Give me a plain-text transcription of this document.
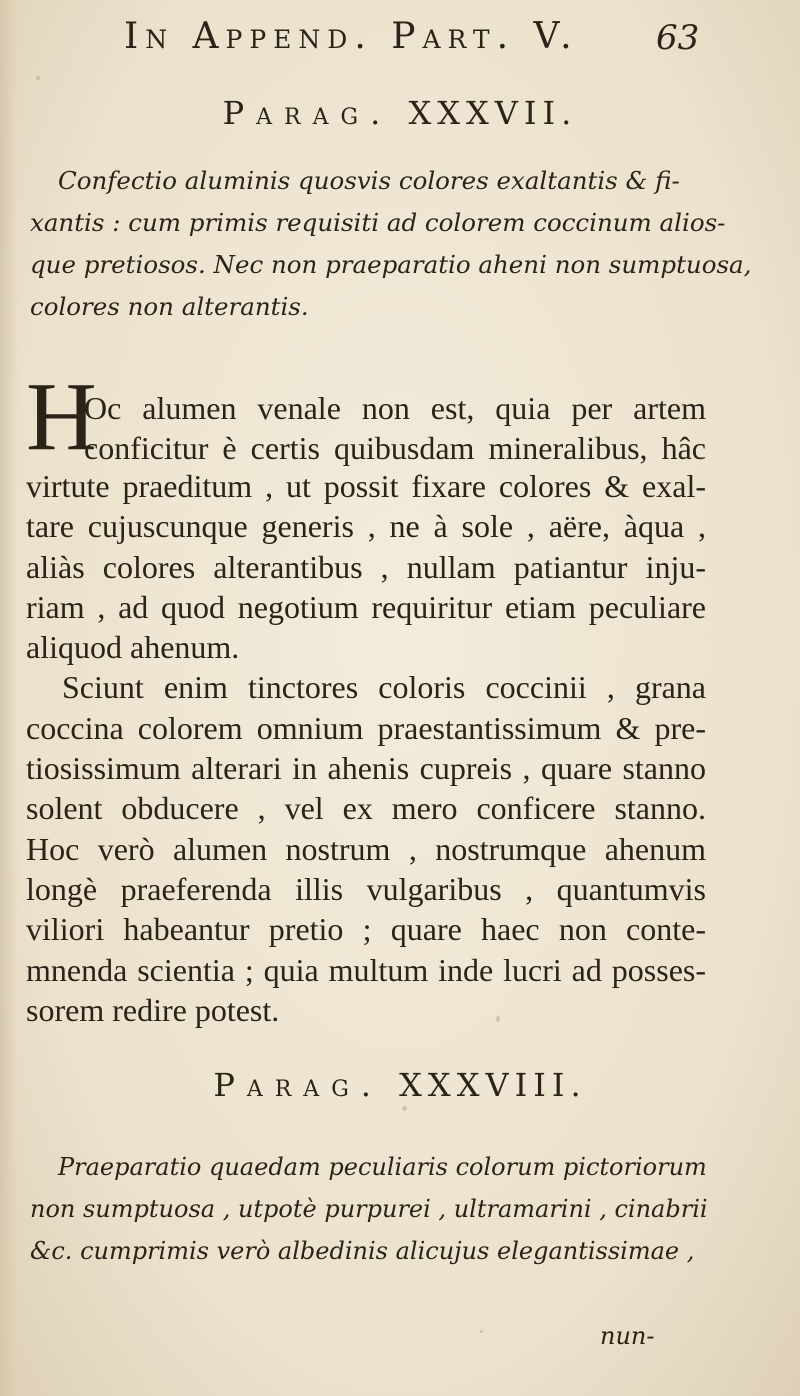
In Append. Part. V. 63
Parag. XXXVII.
Confectio aluminis quosvis colores exaltantis & fi-
xantis : cum primis requisiti ad colorem coccinum alios-
que pretiosos. Nec non praeparatio aheni non sumptuosa,
colores non alterantis.
H
Oc alumen venale non est, quia per artem
conficitur è certis quibusdam mineralibus, hâc
virtute praeditum , ut possit fixare colores & exal-
tare cujuscunque generis , ne à sole , aëre, àqua ,
aliàs colores alterantibus , nullam patiantur inju-
riam , ad quod negotium requiritur etiam peculiare
aliquod ahenum.
Sciunt enim tinctores coloris coccinii , grana
coccina colorem omnium praestantissimum & pre-
tiosissimum alterari in ahenis cupreis , quare stanno
solent obducere , vel ex mero conficere stanno.
Hoc verò alumen nostrum , nostrumque ahenum
longè praeferenda illis vulgaribus , quantumvis
viliori habeantur pretio ; quare haec non conte-
mnenda scientia ; quia multum inde lucri ad posses-
sorem redire potest.
Parag. XXXVIII.
Praeparatio quaedam peculiaris colorum pictoriorum
non sumptuosa , utpotè purpurei , ultramarini , cinabrii
&c. cumprimis verò albedinis alicujus elegantissimae ,
nun-
